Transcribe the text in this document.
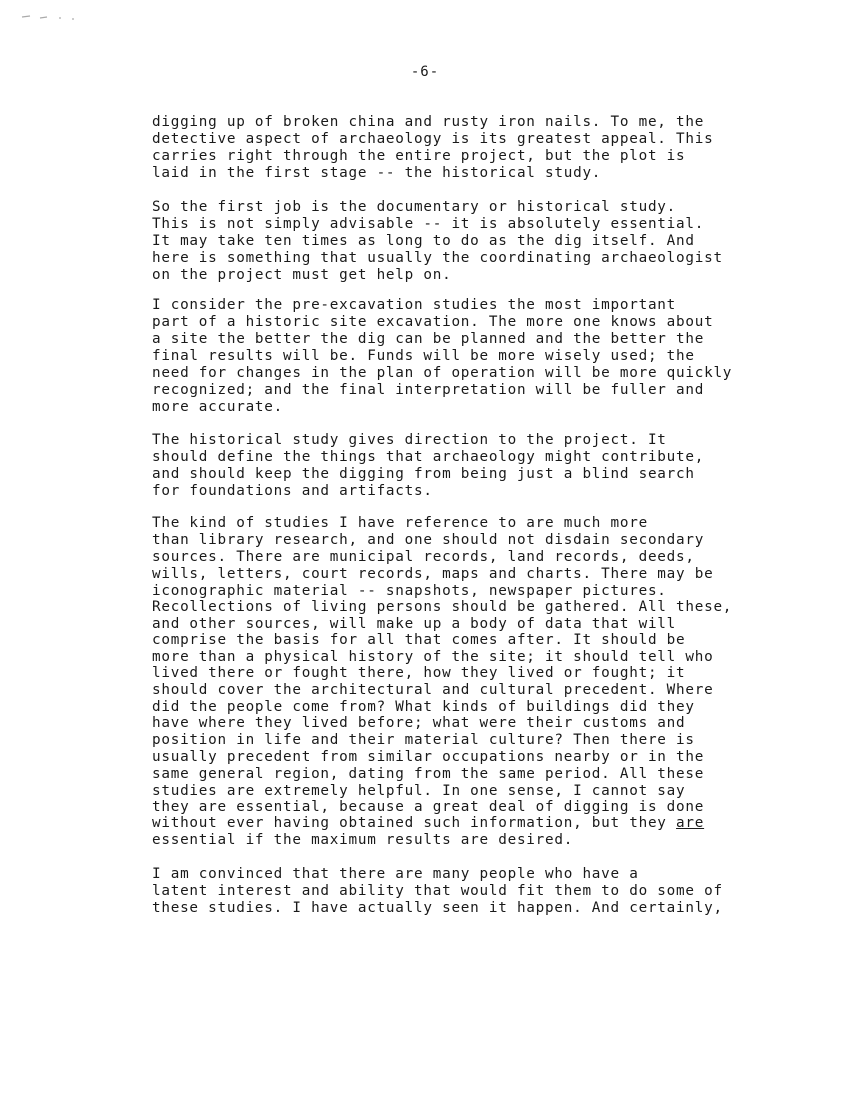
-6-
digging up of broken china and rusty iron nails. To me, the
detective aspect of archaeology is its greatest appeal. This
carries right through the entire project, but the plot is
laid in the first stage -- the historical study.
So the first job is the documentary or historical study.
This is not simply advisable -- it is absolutely essential.
It may take ten times as long to do as the dig itself. And
here is something that usually the coordinating archaeologist
on the project must get help on.
I consider the pre-excavation studies the most important
part of a historic site excavation. The more one knows about
a site the better the dig can be planned and the better the
final results will be. Funds will be more wisely used; the
need for changes in the plan of operation will be more quickly
recognized; and the final interpretation will be fuller and
more accurate.
The historical study gives direction to the project. It
should define the things that archaeology might contribute,
and should keep the digging from being just a blind search
for foundations and artifacts.
The kind of studies I have reference to are much more
than library research, and one should not disdain secondary
sources. There are municipal records, land records, deeds,
wills, letters, court records, maps and charts. There may be
iconographic material -- snapshots, newspaper pictures.
Recollections of living persons should be gathered. All these,
and other sources, will make up a body of data that will
comprise the basis for all that comes after. It should be
more than a physical history of the site; it should tell who
lived there or fought there, how they lived or fought; it
should cover the architectural and cultural precedent. Where
did the people come from? What kinds of buildings did they
have where they lived before; what were their customs and
position in life and their material culture? Then there is
usually precedent from similar occupations nearby or in the
same general region, dating from the same period. All these
studies are extremely helpful. In one sense, I cannot say
they are essential, because a great deal of digging is done
without ever having obtained such information, but they are
essential if the maximum results are desired.
I am convinced that there are many people who have a
latent interest and ability that would fit them to do some of
these studies. I have actually seen it happen. And certainly,
